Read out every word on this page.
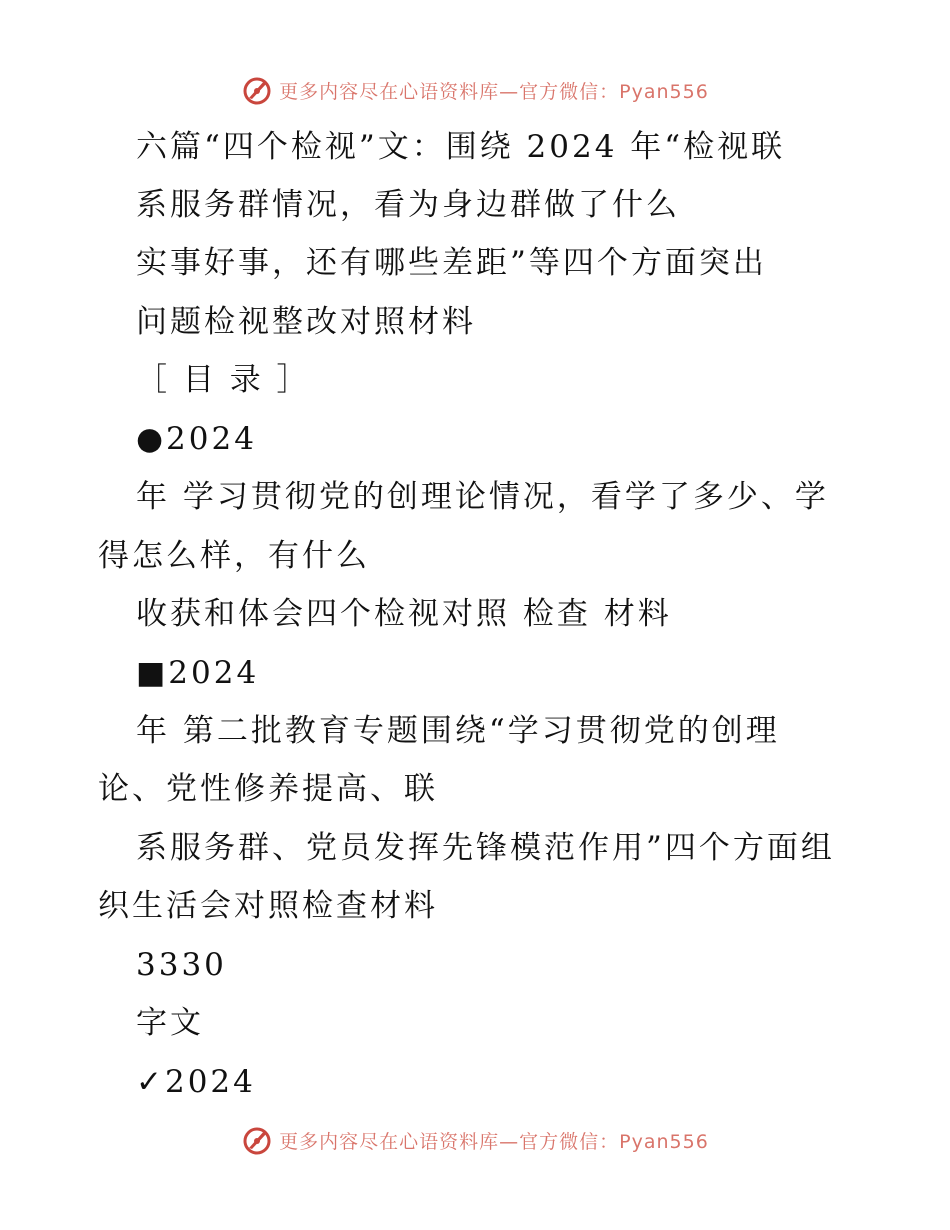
更多内容尽在心语资料库—官方微信：Pyan556
六篇“四个检视”文：围绕 2024 年“检视联
系服务群情况，看为身边群做了什么
实事好事，还有哪些差距”等四个方面突出
问题检视整改对照材料
［ 目 录 ］
●2024
年 学习贯彻党的创理论情况，看学了多少、学
得怎么样，有什么
收获和体会四个检视对照 检查 材料
■2024
年 第二批教育专题围绕“学习贯彻党的创理
论、党性修养提高、联
系服务群、党员发挥先锋模范作用”四个方面组
织生活会对照检查材料
3330
字文
✓2024
更多内容尽在心语资料库—官方微信：Pyan556
